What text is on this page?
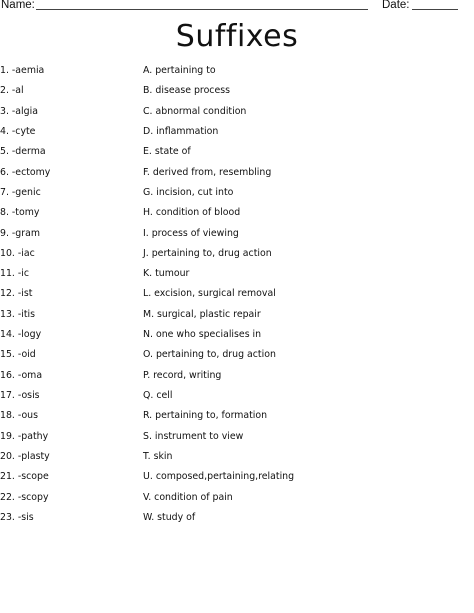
Name:	Date:
Suffixes
1. -aemia	A. pertaining to
2. -al	B. disease process
3. -algia	C. abnormal condition
4. -cyte	D. inflammation
5. -derma	E. state of
6. -ectomy	F. derived from, resembling
7. -genic	G. incision, cut into
8. -tomy	H. condition of blood
9. -gram	I. process of viewing
10. -iac	J. pertaining to, drug action
11. -ic	K. tumour
12. -ist	L. excision, surgical removal
13. -itis	M. surgical, plastic repair
14. -logy	N. one who specialises in
15. -oid	O. pertaining to, drug action
16. -oma	P. record, writing
17. -osis	Q. cell
18. -ous	R. pertaining to, formation
19. -pathy	S. instrument to view
20. -plasty	T. skin
21. -scope	U. composed,pertaining,relating
22. -scopy	V. condition of pain
23. -sis	W. study of
